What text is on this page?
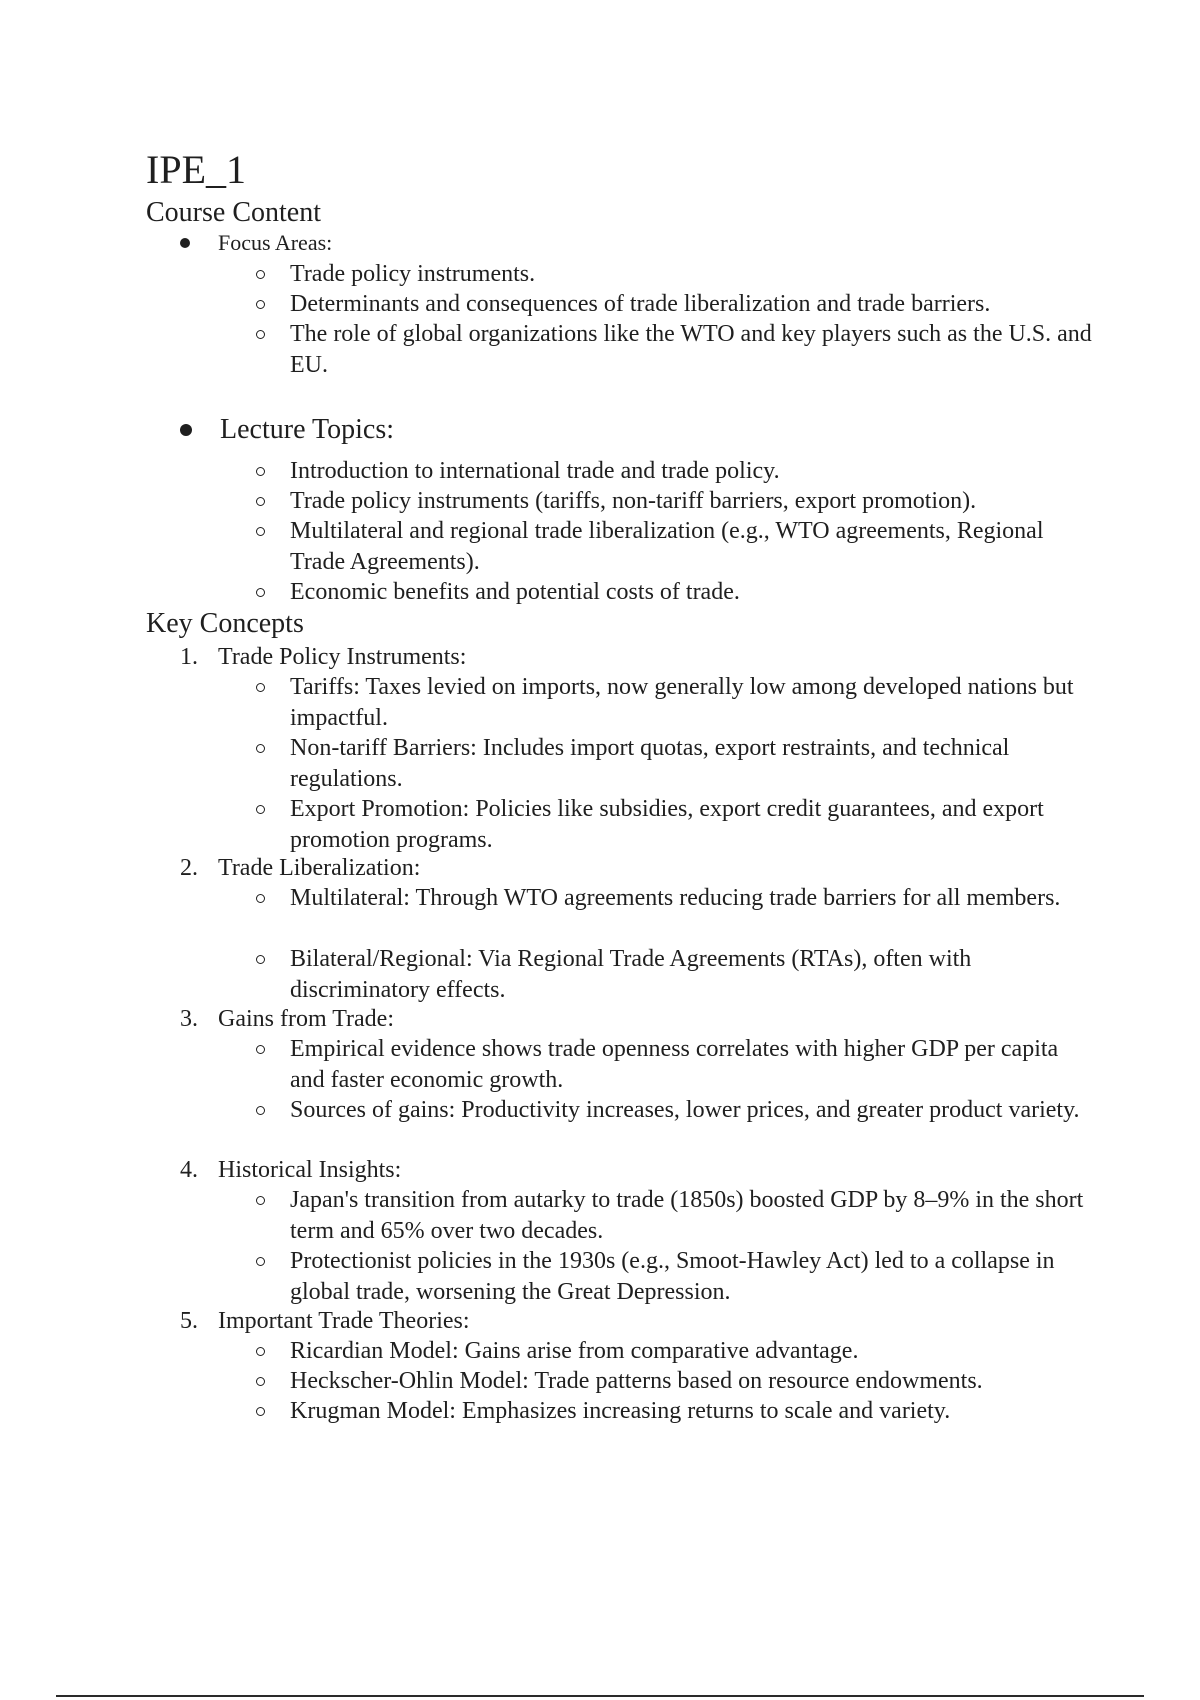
IPE_1
Course Content
Focus Areas:
Trade policy instruments.
Determinants and consequences of trade liberalization and trade barriers.
The role of global organizations like the WTO and key players such as the U.S. and EU.
Lecture Topics:
Introduction to international trade and trade policy.
Trade policy instruments (tariffs, non-tariff barriers, export promotion).
Multilateral and regional trade liberalization (e.g., WTO agreements, Regional Trade Agreements).
Economic benefits and potential costs of trade.
Key Concepts
1. Trade Policy Instruments:
Tariffs: Taxes levied on imports, now generally low among developed nations but impactful.
Non-tariff Barriers: Includes import quotas, export restraints, and technical regulations.
Export Promotion: Policies like subsidies, export credit guarantees, and export promotion programs.
2. Trade Liberalization:
Multilateral: Through WTO agreements reducing trade barriers for all members.
Bilateral/Regional: Via Regional Trade Agreements (RTAs), often with discriminatory effects.
3. Gains from Trade:
Empirical evidence shows trade openness correlates with higher GDP per capita and faster economic growth.
Sources of gains: Productivity increases, lower prices, and greater product variety.
4. Historical Insights:
Japan's transition from autarky to trade (1850s) boosted GDP by 8–9% in the short term and 65% over two decades.
Protectionist policies in the 1930s (e.g., Smoot-Hawley Act) led to a collapse in global trade, worsening the Great Depression.
5. Important Trade Theories:
Ricardian Model: Gains arise from comparative advantage.
Heckscher-Ohlin Model: Trade patterns based on resource endowments.
Krugman Model: Emphasizes increasing returns to scale and variety.
